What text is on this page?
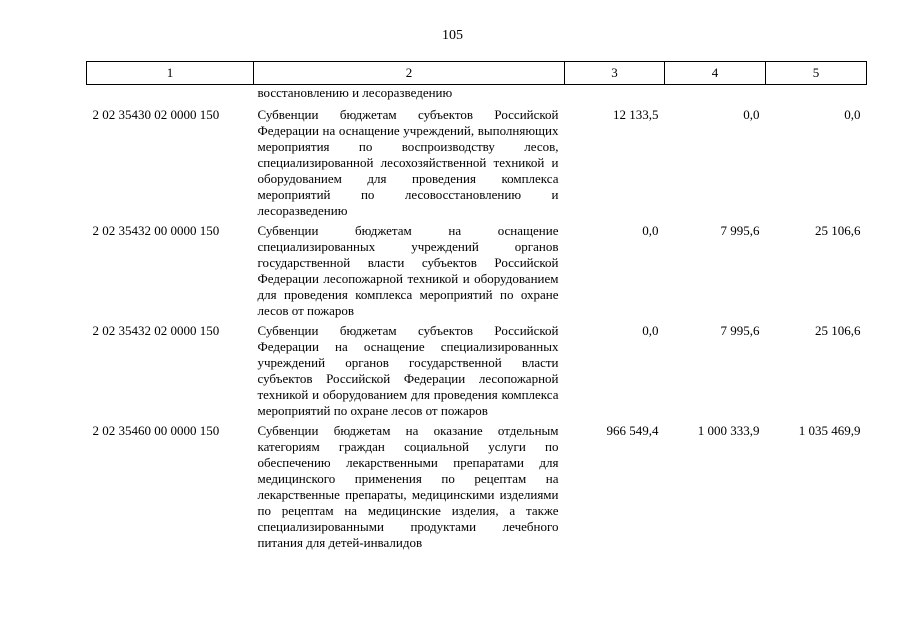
105
1	2	3	4	5
	восстановлению и лесоразведению			
2 02 35430 02 0000 150	Субвенции бюджетам субъектов Российской Федерации на оснащение учреждений, выполняющих мероприятия по воспроизводству лесов, специализированной лесохозяйственной техникой и оборудованием для проведения комплекса мероприятий по лесовосстановлению и лесоразведению	12 133,5	0,0	0,0
2 02 35432 00 0000 150	Субвенции бюджетам на оснащение специализированных учреждений органов государственной власти субъектов Российской Федерации лесопожарной техникой и оборудованием для проведения комплекса мероприятий по охране лесов от пожаров	0,0	7 995,6	25 106,6
2 02 35432 02 0000 150	Субвенции бюджетам субъектов Российской Федерации на оснащение специализированных учреждений органов государственной власти субъектов Российской Федерации лесопожарной техникой и оборудованием для проведения комплекса мероприятий по охране лесов от пожаров	0,0	7 995,6	25 106,6
2 02 35460 00 0000 150	Субвенции бюджетам на оказание отдельным категориям граждан социальной услуги по обеспечению лекарственными препаратами для медицинского применения по рецептам на лекарственные препараты, медицинскими изделиями по рецептам на медицинские изделия, а также специализированными продуктами лечебного питания для детей-инвалидов	966 549,4	1 000 333,9	1 035 469,9
